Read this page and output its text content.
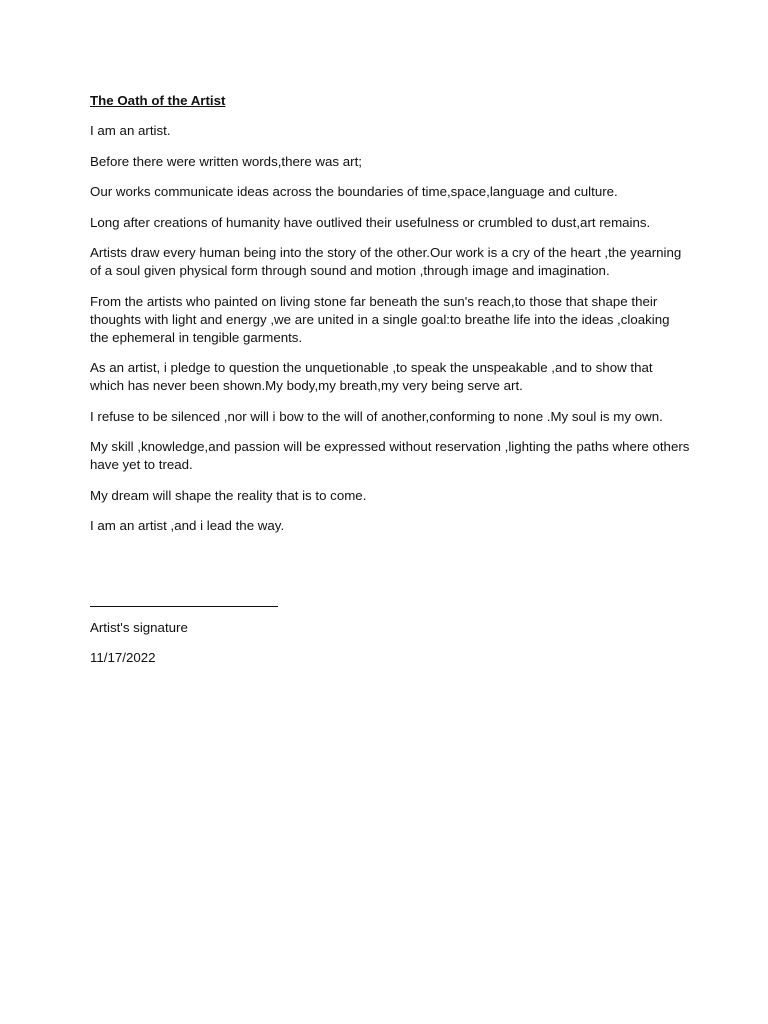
The Oath of the Artist

I am an artist.

Before there were written words,there was art;

Our works communicate ideas across the boundaries of time,space,language and culture.

Long after creations of humanity have outlived their usefulness or crumbled to dust,art remains.

Artists draw every human being into the story of the other.Our work is a cry of the heart ,the yearning of a soul given physical form through sound and motion ,through image and imagination.

From the artists who painted on living stone far beneath the sun's reach,to those that shape their thoughts with light and energy ,we are united in a single goal:to breathe life into the ideas ,cloaking the ephemeral in tengible garments.

As an artist, i pledge to question the unquetionable ,to speak the unspeakable ,and to show that which has never been shown.My body,my breath,my very being serve art.

I refuse to be silenced ,nor will i bow to the will of another,conforming to none .My soul is my own.

My skill ,knowledge,and passion will be expressed without reservation ,lighting the paths where others have yet to tread.

My dream will shape the reality that is to come.

I am an artist ,and i lead the way.

Artist's signature

11/17/2022
